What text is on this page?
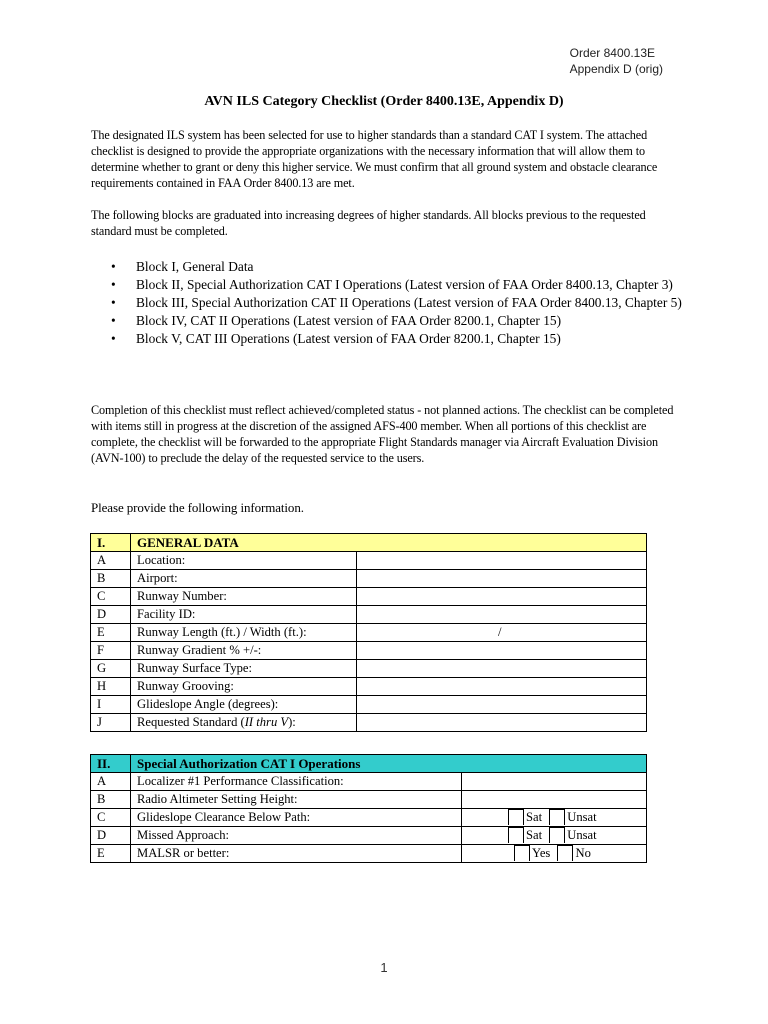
Order 8400.13E
Appendix D (orig)
AVN ILS Category Checklist (Order 8400.13E, Appendix D)

The designated ILS system has been selected for use to higher standards than a standard CAT I system. The attached checklist is designed to provide the appropriate organizations with the necessary information that will allow them to determine whether to grant or deny this higher service. We must confirm that all ground system and obstacle clearance requirements contained in FAA Order 8400.13 are met.

The following blocks are graduated into increasing degrees of higher standards. All blocks previous to the requested standard must be completed.

• Block I, General Data
• Block II, Special Authorization CAT I Operations (Latest version of FAA Order 8400.13, Chapter 3)
• Block III, Special Authorization CAT II Operations (Latest version of FAA Order 8400.13, Chapter 5)
• Block IV, CAT II Operations (Latest version of FAA Order 8200.1, Chapter 15)
• Block V, CAT III Operations (Latest version of FAA Order 8200.1, Chapter 15)

Completion of this checklist must reflect achieved/completed status - not planned actions. The checklist can be completed with items still in progress at the discretion of the assigned AFS-400 member. When all portions of this checklist are complete, the checklist will be forwarded to the appropriate Flight Standards manager via Aircraft Evaluation Division (AVN-100) to preclude the delay of the requested service to the users.

Please provide the following information.

I.	GENERAL DATA	
A	Location:	
B	Airport:	
C	Runway Number:	
D	Facility ID:	
E	Runway Length (ft.) / Width (ft.):	/
F	Runway Gradient % +/-:	
G	Runway Surface Type:	
H	Runway Grooving:	
I	Glideslope Angle (degrees):	
J	Requested Standard (II thru V):	
II.	Special Authorization CAT I Operations	
A	Localizer #1 Performance Classification:	
B	Radio Altimeter Setting Height:	
C	Glideslope Clearance Below Path:	Sat Unsat
D	Missed Approach:	Sat Unsat
E	MALSR or better:	Yes No
1
